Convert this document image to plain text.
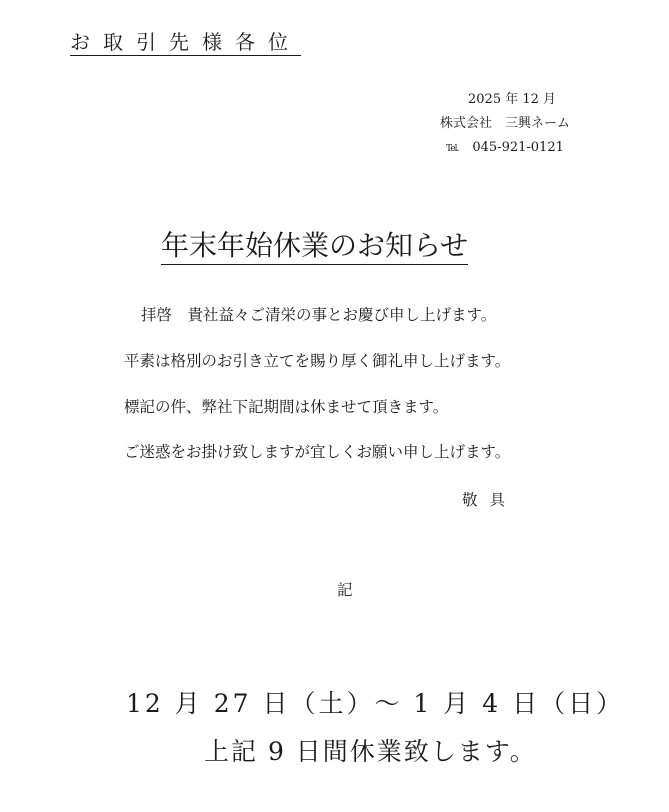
お取引先様各位
2025 年 12 月
株式会社　三興ネーム
Tel. 045-921-0121
年末年始休業のお知らせ
拝啓　貴社益々ご清栄の事とお慶び申し上げます。
平素は格別のお引き立てを賜り厚く御礼申し上げます。
標記の件、弊社下記期間は休ませて頂きます。
ご迷惑をお掛け致しますが宜しくお願い申し上げます。
敬具
記
12 月 27 日（土）～ 1 月 4 日（日）
上記 9 日間休業致します。
